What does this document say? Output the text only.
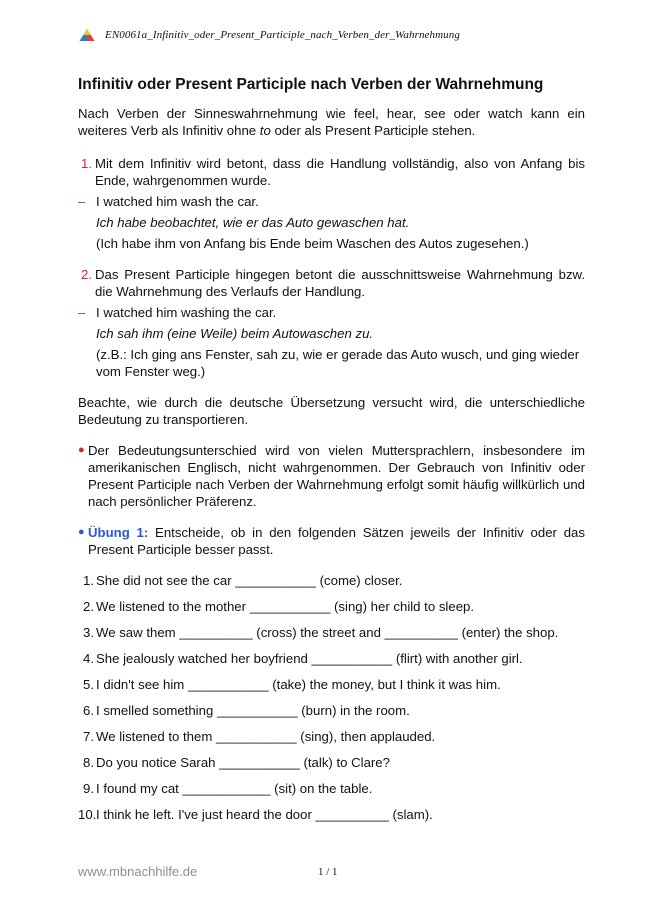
EN0061a_Infinitiv_oder_Present_Participle_nach_Verben_der_Wahrnehmung
Infinitiv oder Present Participle nach Verben der Wahrnehmung

Nach Verben der Sinneswahrnehmung wie feel, hear, see oder watch kann ein weiteres Verb als Infinitiv ohne to oder als Present Participle stehen.

1. Mit dem Infinitiv wird betont, dass die Handlung vollständig, also von Anfang bis Ende, wahrgenommen wurde.
– I watched him wash the car.

Ich habe beobachtet, wie er das Auto gewaschen hat.

(Ich habe ihm von Anfang bis Ende beim Waschen des Autos zugesehen.)

2. Das Present Participle hingegen betont die ausschnittsweise Wahrnehmung bzw. die Wahrnehmung des Verlaufs der Handlung.
– I watched him washing the car.

Ich sah ihm (eine Weile) beim Autowaschen zu.

(z.B.: Ich ging ans Fenster, sah zu, wie er gerade das Auto wusch, und ging wieder vom Fenster weg.)

Beachte, wie durch die deutsche Übersetzung versucht wird, die unterschiedliche Bedeutung zu transportieren.

● Der Bedeutungsunterschied wird von vielen Muttersprachlern, insbesondere im amerikanischen Englisch, nicht wahrgenommen. Der Gebrauch von Infinitiv oder Present Participle nach Verben der Wahrnehmung erfolgt somit häufig willkürlich und nach persönlicher Präferenz.

● Übung 1: Entscheide, ob in den folgenden Sätzen jeweils der Infinitiv oder das Present Participle besser passt.

1. She did not see the car ___________ (come) closer.
2. We listened to the mother ___________ (sing) her child to sleep.
3. We saw them __________ (cross) the street and __________ (enter) the shop.
4. She jealously watched her boyfriend ___________ (flirt) with another girl.
5. I didn't see him ___________ (take) the money, but I think it was him.
6. I smelled something ___________ (burn) in the room.
7. We listened to them ___________ (sing), then applauded.
8. Do you notice Sarah ___________ (talk) to Clare?
9. I found my cat ____________ (sit) on the table.
10. I think he left. I've just heard the door __________ (slam).
www.mbnachhilfe.de	1 / 1
